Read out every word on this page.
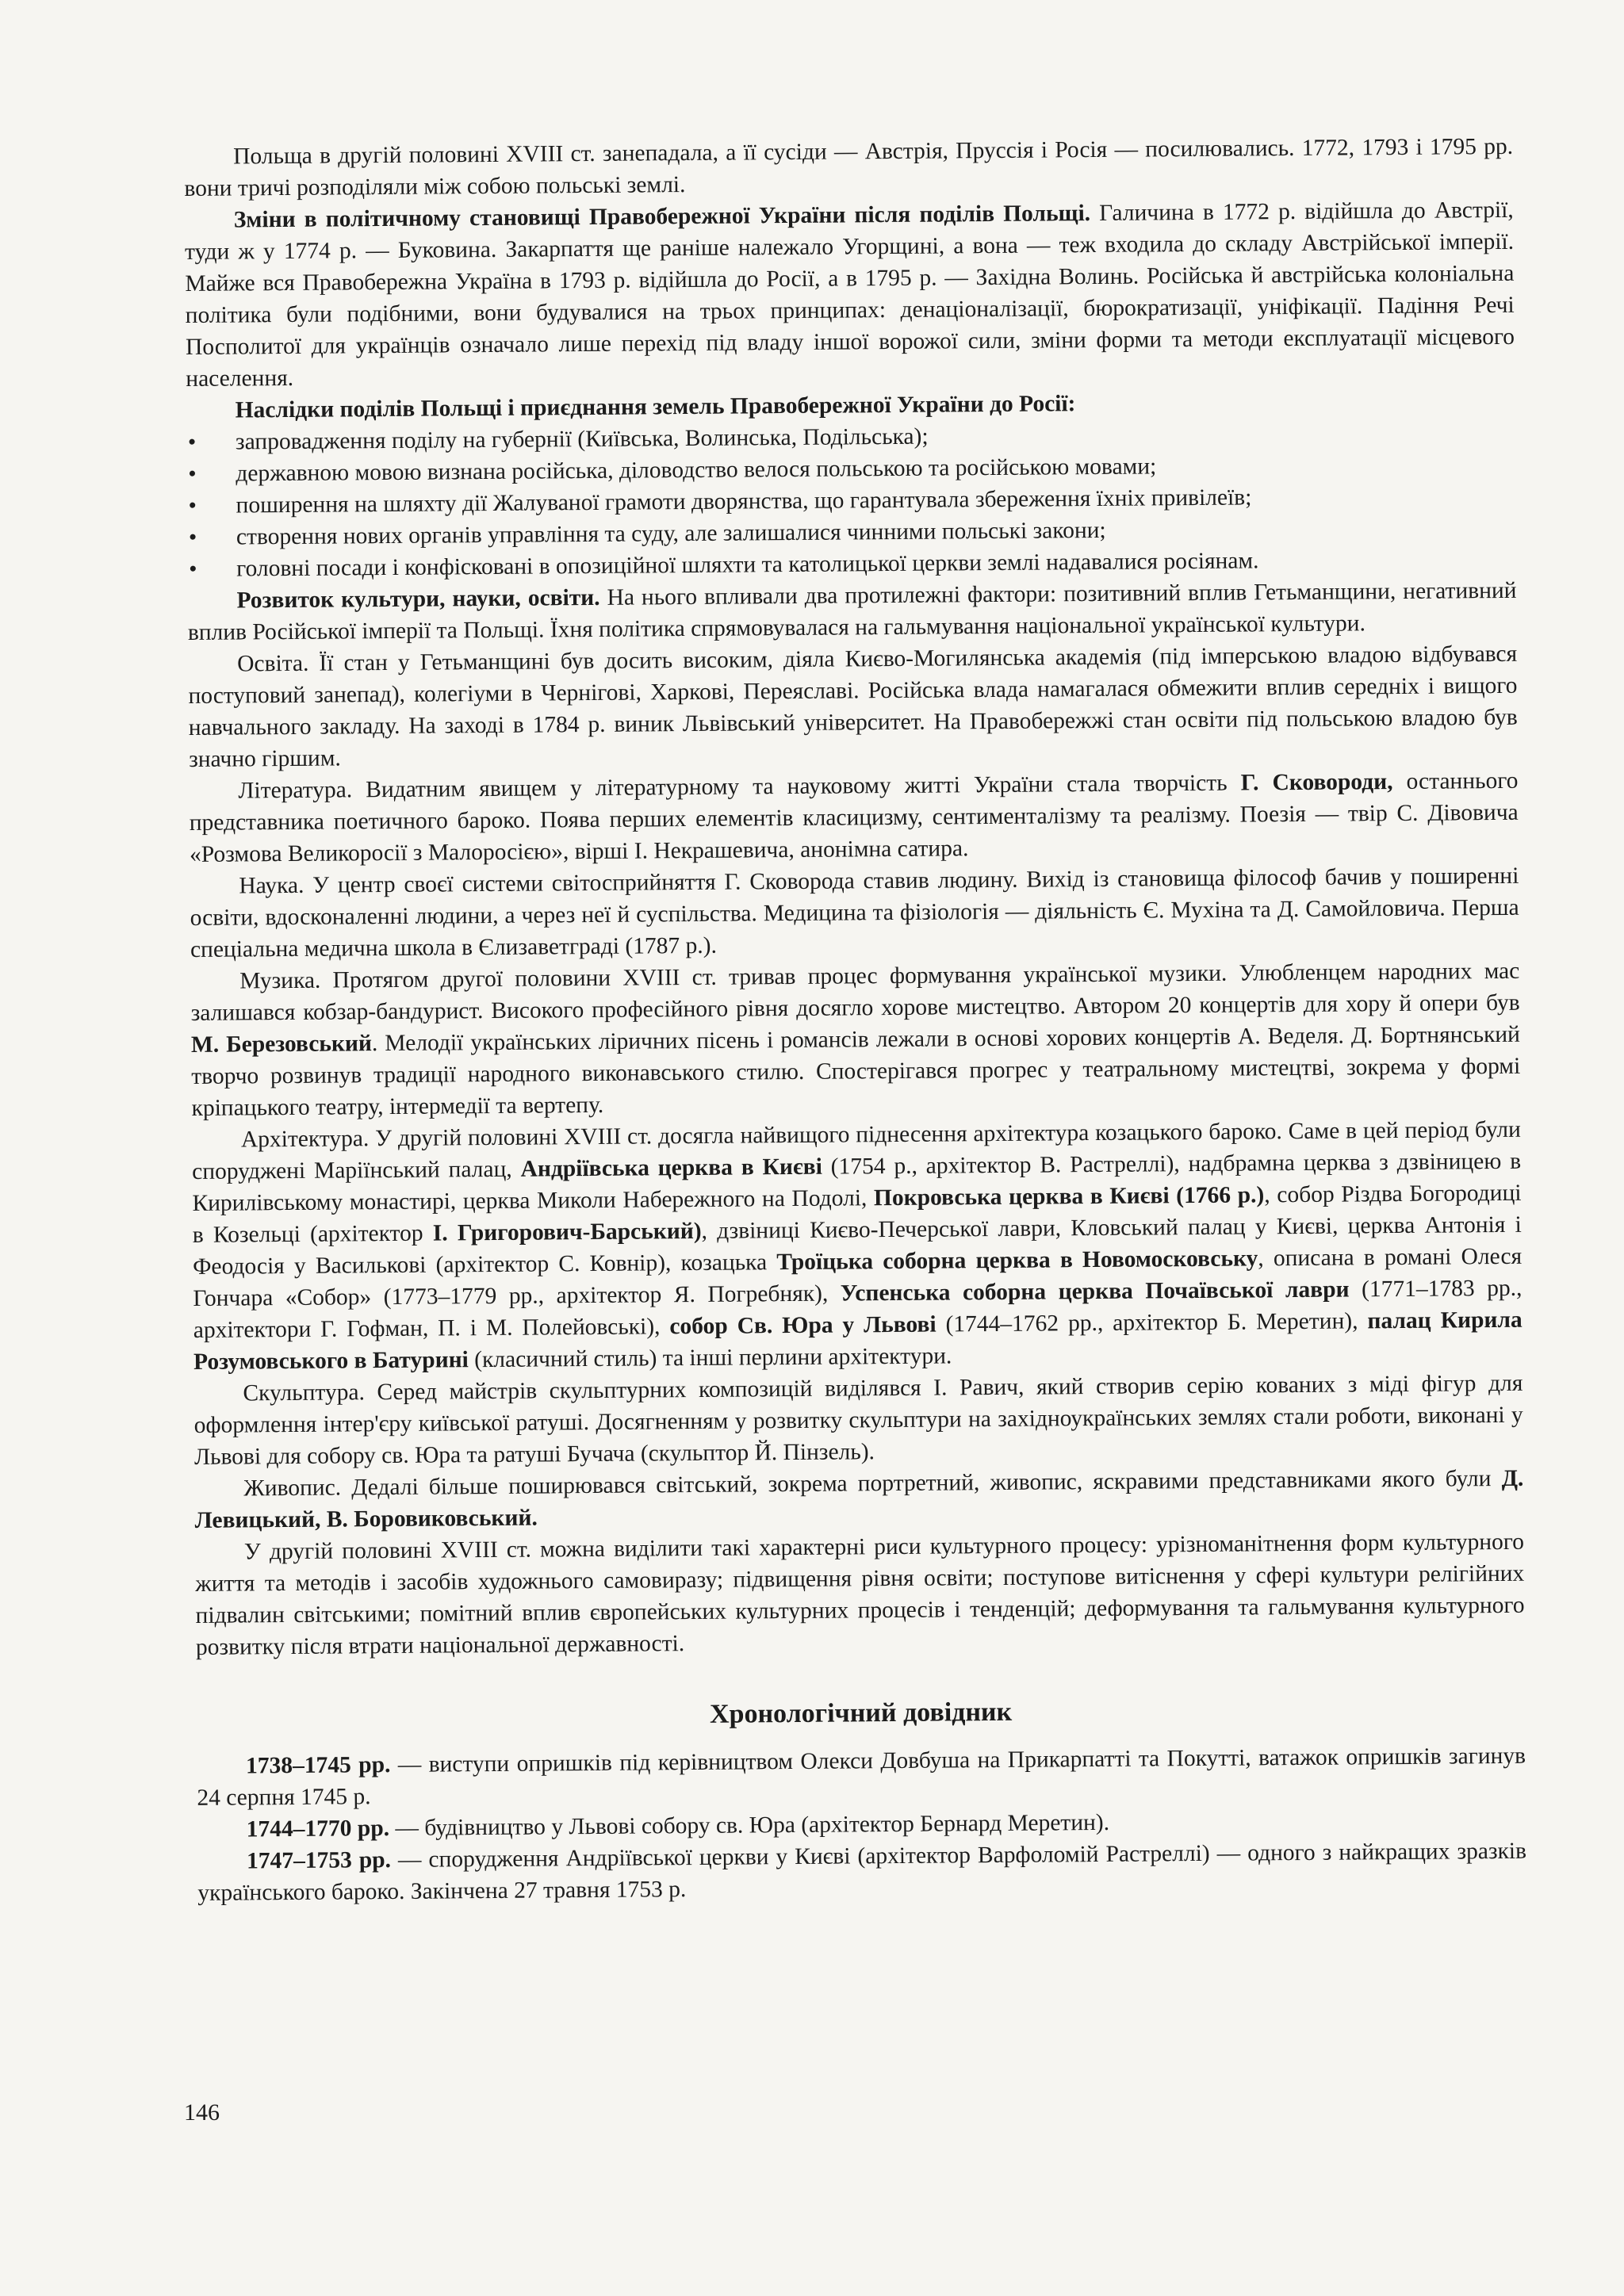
Польща в другій половині XVIII ст. занепадала, а її сусіди — Австрія, Пруссія і Росія — посилювались. 1772, 1793 і 1795 рр. вони тричі розподіляли між собою польські землі.

Зміни в політичному становищі Правобережної України після поділів Польщі. Галичина в 1772 р. відійшла до Австрії, туди ж у 1774 р. — Буковина. Закарпаття ще раніше належало Угорщині, а вона — теж входила до складу Австрійської імперії. Майже вся Правобережна Україна в 1793 р. відійшла до Росії, а в 1795 р. — Західна Волинь. Російська й австрійська колоніальна політика були подібними, вони будувалися на трьох принципах: денаціоналізації, бюрократизації, уніфікації. Падіння Речі Посполитої для українців означало лише перехід під владу іншої ворожої сили, зміни форми та методи експлуатації місцевого населення.

Наслідки поділів Польщі і приєднання земель Правобережної України до Росії:

• запровадження поділу на губернії (Київська, Волинська, Подільська);
• державною мовою визнана російська, діловодство велося польською та російською мовами;
• поширення на шляхту дії Жалуваної грамоти дворянства, що гарантувала збереження їхніх привілеїв;
• створення нових органів управління та суду, але залишалися чинними польські закони;
• головні посади і конфісковані в опозиційної шляхти та католицької церкви землі надавалися росіянам.

Розвиток культури, науки, освіти. На нього впливали два протилежні фактори: позитивний вплив Гетьманщини, негативний вплив Російської імперії та Польщі. Їхня політика спрямовувалася на гальмування національної української культури.

Освіта. Її стан у Гетьманщині був досить високим, діяла Києво-Могилянська академія (під імперською владою відбувався поступовий занепад), колегіуми в Чернігові, Харкові, Переяславі. Російська влада намагалася обмежити вплив середніх і вищого навчального закладу. На заході в 1784 р. виник Львівський університет. На Правобережжі стан освіти під польською владою був значно гіршим.

Література. Видатним явищем у літературному та науковому житті України стала творчість Г. Сковороди, останнього представника поетичного бароко. Поява перших елементів класицизму, сентименталізму та реалізму. Поезія — твір С. Дівовича «Розмова Великоросії з Малоросією», вірші І. Некрашевича, анонімна сатира.

Наука. У центр своєї системи світосприйняття Г. Сковорода ставив людину. Вихід із становища філософ бачив у поширенні освіти, вдосконаленні людини, а через неї й суспільства. Медицина та фізіологія — діяльність Є. Мухіна та Д. Самойловича. Перша спеціальна медична школа в Єлизаветграді (1787 р.).

Музика. Протягом другої половини XVIII ст. тривав процес формування української музики. Улюбленцем народних мас залишався кобзар-бандурист. Високого професійного рівня досягло хорове мистецтво. Автором 20 концертів для хору й опери був М. Березовський. Мелодії українських ліричних пісень і романсів лежали в основі хорових концертів А. Веделя. Д. Бортнянський творчо розвинув традиції народного виконавського стилю. Спостерігався прогрес у театральному мистецтві, зокрема у формі кріпацького театру, інтермедії та вертепу.

Архітектура. У другій половині XVIII ст. досягла найвищого піднесення архітектура козацького бароко. Саме в цей період були споруджені Маріїнський палац, Андріївська церква в Києві (1754 р., архітектор В. Растреллі), надбрамна церква з дзвіницею в Кирилівському монастирі, церква Миколи Набережного на Подолі, Покровська церква в Києві (1766 р.), собор Різдва Богородиці в Козельці (архітектор І. Григорович-Барський), дзвіниці Києво-Печерської лаври, Кловський палац у Києві, церква Антонія і Феодосія у Василькові (архітектор С. Ковнір), козацька Троїцька соборна церква в Новомосковську, описана в романі Олеся Гончара «Собор» (1773–1779 рр., архітектор Я. Погребняк), Успенська соборна церква Почаївської лаври (1771–1783 рр., архітектори Г. Гофман, П. і М. Полейовські), собор Св. Юра у Львові (1744–1762 рр., архітектор Б. Меретин), палац Кирила Розумовського в Батурині (класичний стиль) та інші перлини архітектури.

Скульптура. Серед майстрів скульптурних композицій виділявся І. Равич, який створив серію кованих з міді фігур для оформлення інтер'єру київської ратуші. Досягненням у розвитку скульптури на західноукраїнських землях стали роботи, виконані у Львові для собору св. Юра та ратуші Бучача (скульптор Й. Пінзель).

Живопис. Дедалі більше поширювався світський, зокрема портретний, живопис, яскравими представниками якого були Д. Левицький, В. Боровиковський.

У другій половині XVIII ст. можна виділити такі характерні риси культурного процесу: урізноманітнення форм культурного життя та методів і засобів художнього самовиразу; підвищення рівня освіти; поступове витіснення у сфері культури релігійних підвалин світськими; помітний вплив європейських культурних процесів і тенденцій; деформування та гальмування культурного розвитку після втрати національної державності.

Хронологічний довідник

1738–1745 рр. — виступи опришків під керівництвом Олекси Довбуша на Прикарпатті та Покутті, ватажок опришків загинув 24 серпня 1745 р.

1744–1770 рр. — будівництво у Львові собору св. Юра (архітектор Бернард Меретин).

1747–1753 рр. — спорудження Андріївської церкви у Києві (архітектор Варфоломій Растреллі) — одного з найкращих зразків українського бароко. Закінчена 27 травня 1753 р.

146
